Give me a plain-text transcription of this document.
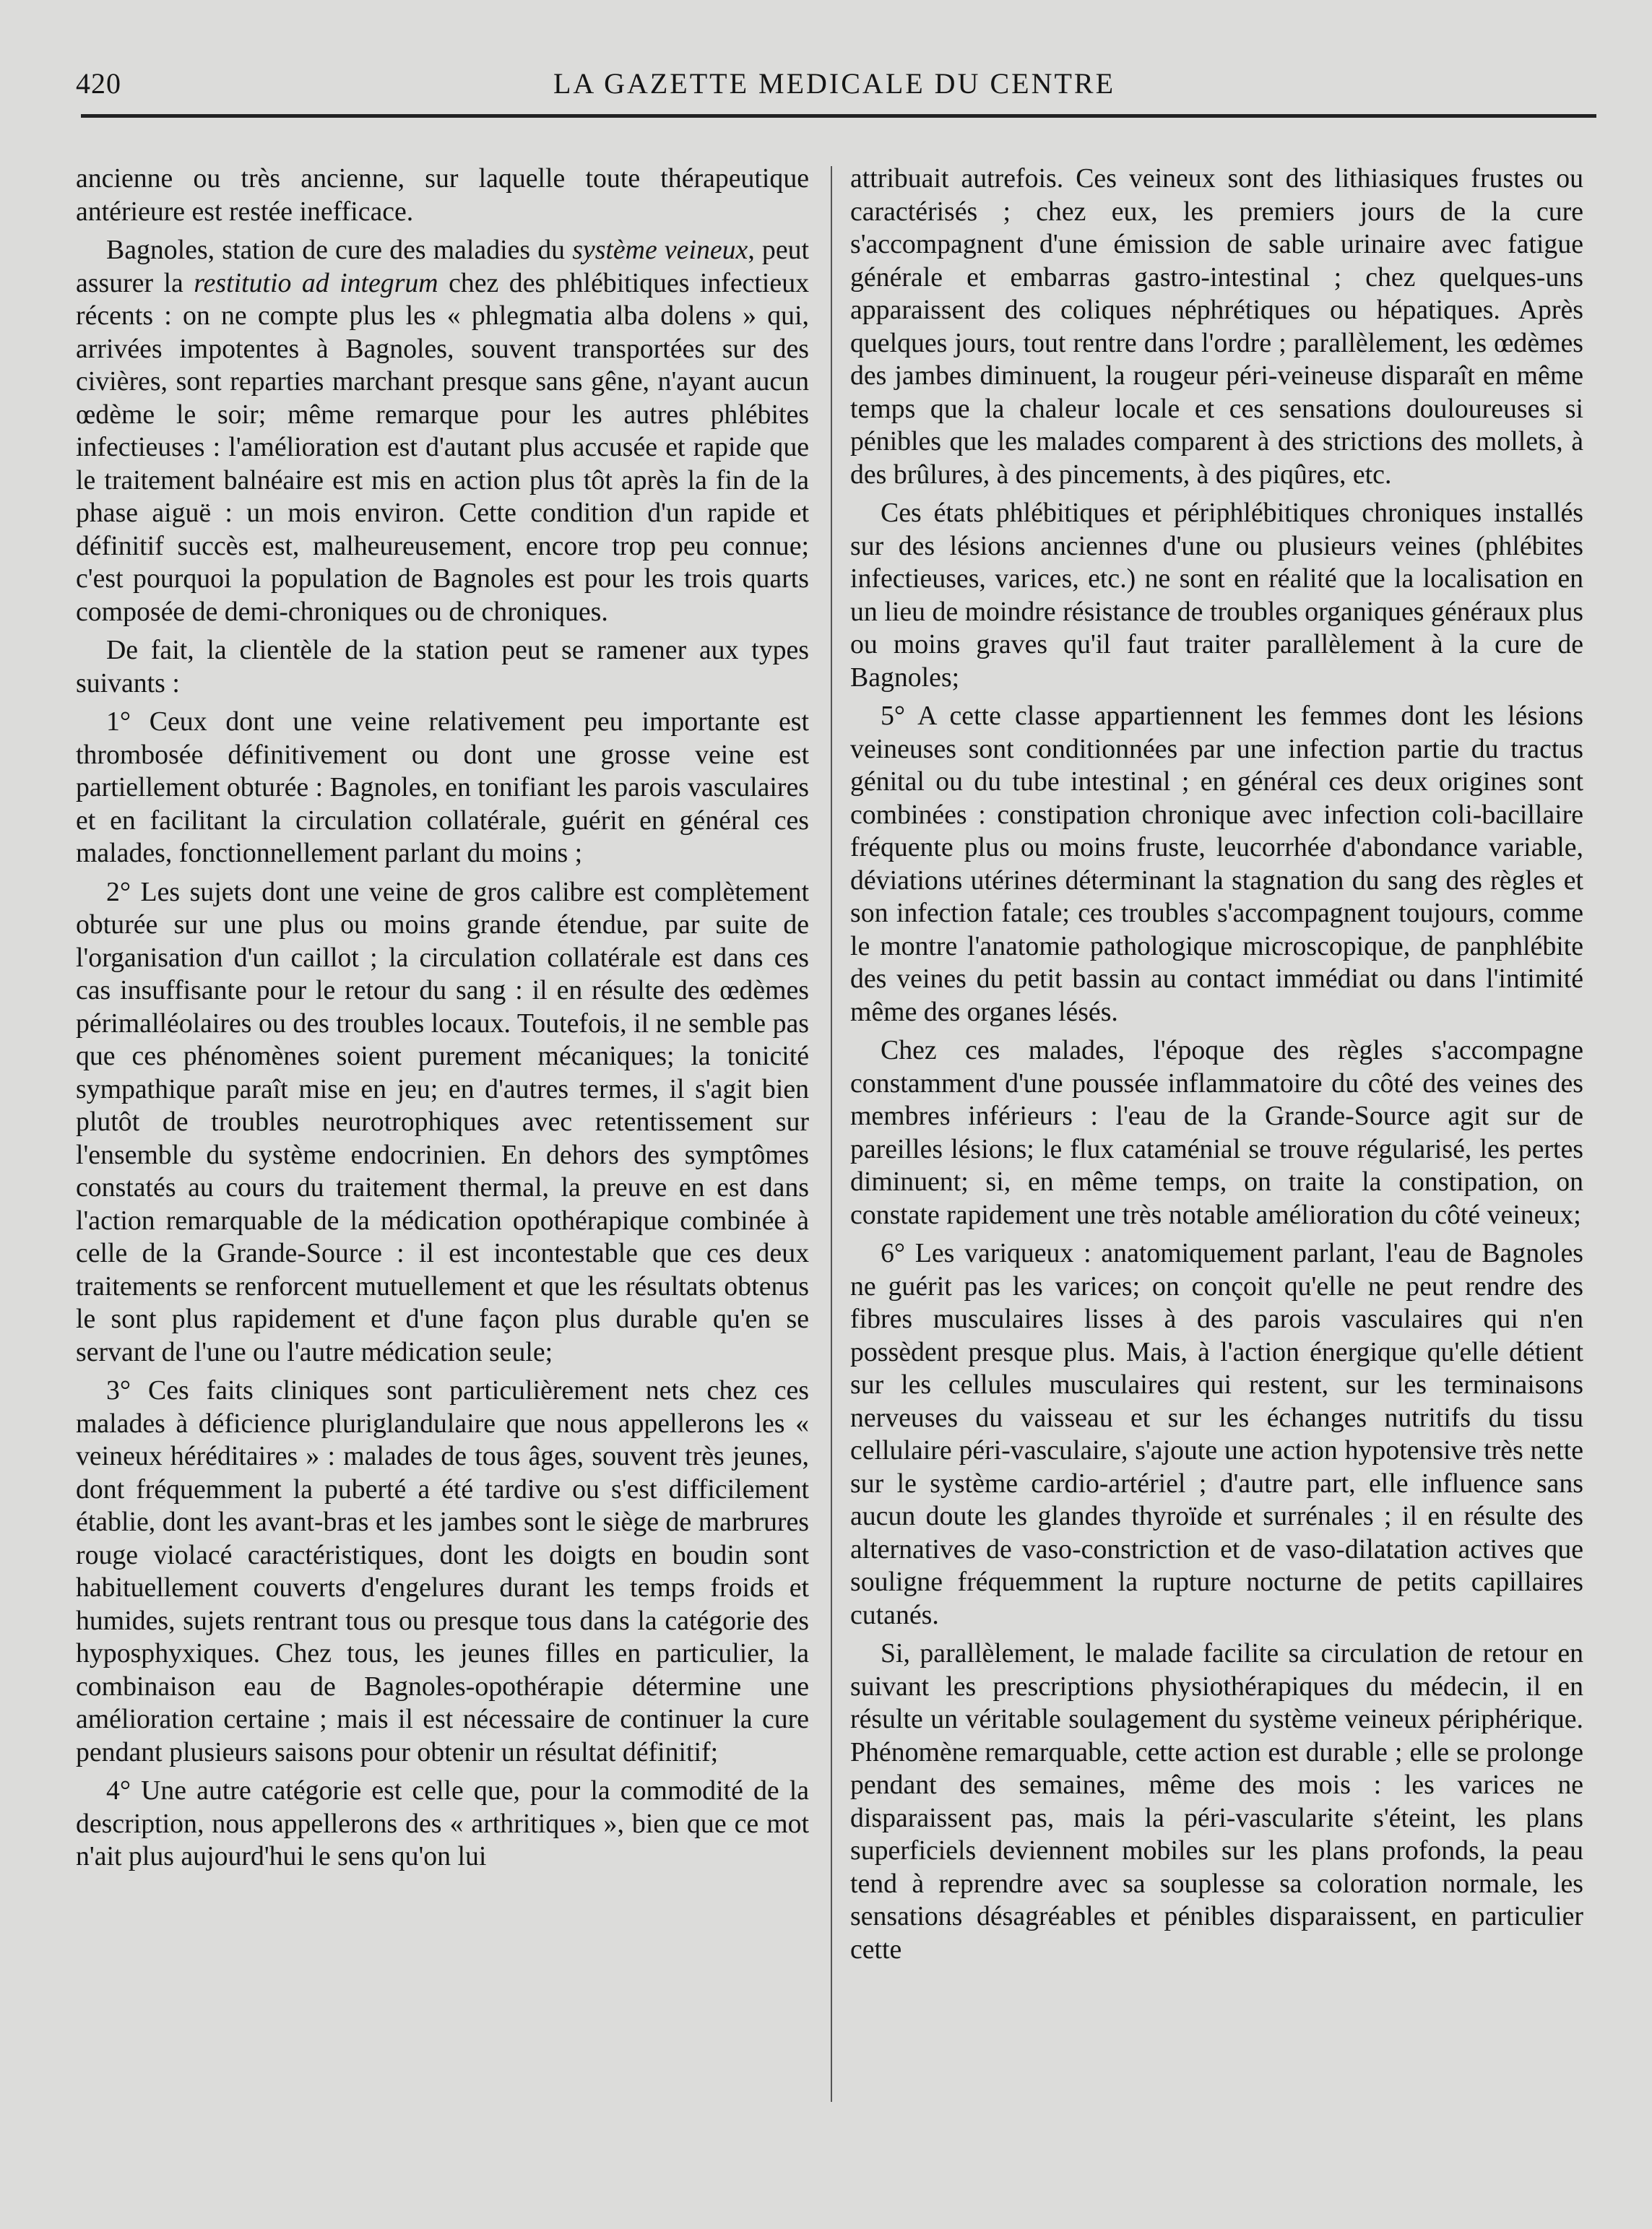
420	LA GAZETTE MEDICALE DU CENTRE

ancienne ou très ancienne, sur laquelle toute thérapeutique antérieure est restée inefficace.

Bagnoles, station de cure des maladies du système veineux, peut assurer la restitutio ad integrum chez des phlébitiques infectieux récents : on ne compte plus les « phlegmatia alba dolens » qui, arrivées impotentes à Bagnoles, souvent transportées sur des civières, sont reparties marchant presque sans gêne, n'ayant aucun œdème le soir; même remarque pour les autres phlébites infectieuses : l'amélioration est d'autant plus accusée et rapide que le traitement balnéaire est mis en action plus tôt après la fin de la phase aiguë : un mois environ. Cette condition d'un rapide et définitif succès est, malheureusement, encore trop peu connue; c'est pourquoi la population de Bagnoles est pour les trois quarts composée de demi-chroniques ou de chroniques.

De fait, la clientèle de la station peut se ramener aux types suivants :

1° Ceux dont une veine relativement peu importante est thrombosée définitivement ou dont une grosse veine est partiellement obturée : Bagnoles, en tonifiant les parois vasculaires et en facilitant la circulation collatérale, guérit en général ces malades, fonctionnellement parlant du moins ;

2° Les sujets dont une veine de gros calibre est complètement obturée sur une plus ou moins grande étendue, par suite de l'organisation d'un caillot ; la circulation collatérale est dans ces cas insuffisante pour le retour du sang : il en résulte des œdèmes périmalléolaires ou des troubles locaux. Toutefois, il ne semble pas que ces phénomènes soient purement mécaniques; la tonicité sympathique paraît mise en jeu; en d'autres termes, il s'agit bien plutôt de troubles neurotrophiques avec retentissement sur l'ensemble du système endocrinien. En dehors des symptômes constatés au cours du traitement thermal, la preuve en est dans l'action remarquable de la médication opothérapique combinée à celle de la Grande-Source : il est incontestable que ces deux traitements se renforcent mutuellement et que les résultats obtenus le sont plus rapidement et d'une façon plus durable qu'en se servant de l'une ou l'autre médication seule;

3° Ces faits cliniques sont particulièrement nets chez ces malades à déficience pluriglandulaire que nous appellerons les « veineux héréditaires » : malades de tous âges, souvent très jeunes, dont fréquemment la puberté a été tardive ou s'est difficilement établie, dont les avant-bras et les jambes sont le siège de marbrures rouge violacé caractéristiques, dont les doigts en boudin sont habituellement couverts d'engelures durant les temps froids et humides, sujets rentrant tous ou presque tous dans la catégorie des hyposphyxiques. Chez tous, les jeunes filles en particulier, la combinaison eau de Bagnoles-opothérapie détermine une amélioration certaine ; mais il est nécessaire de continuer la cure pendant plusieurs saisons pour obtenir un résultat définitif;

4° Une autre catégorie est celle que, pour la commodité de la description, nous appellerons des « arthritiques », bien que ce mot n'ait plus aujourd'hui le sens qu'on lui

attribuait autrefois. Ces veineux sont des lithiasiques frustes ou caractérisés ; chez eux, les premiers jours de la cure s'accompagnent d'une émission de sable urinaire avec fatigue générale et embarras gastro-intestinal ; chez quelques-uns apparaissent des coliques néphrétiques ou hépatiques. Après quelques jours, tout rentre dans l'ordre ; parallèlement, les œdèmes des jambes diminuent, la rougeur péri-veineuse disparaît en même temps que la chaleur locale et ces sensations douloureuses si pénibles que les malades comparent à des strictions des mollets, à des brûlures, à des pincements, à des piqûres, etc.

Ces états phlébitiques et périphlébitiques chroniques installés sur des lésions anciennes d'une ou plusieurs veines (phlébites infectieuses, varices, etc.) ne sont en réalité que la localisation en un lieu de moindre résistance de troubles organiques généraux plus ou moins graves qu'il faut traiter parallèlement à la cure de Bagnoles;

5° A cette classe appartiennent les femmes dont les lésions veineuses sont conditionnées par une infection partie du tractus génital ou du tube intestinal ; en général ces deux origines sont combinées : constipation chronique avec infection coli-bacillaire fréquente plus ou moins fruste, leucorrhée d'abondance variable, déviations utérines déterminant la stagnation du sang des règles et son infection fatale; ces troubles s'accompagnent toujours, comme le montre l'anatomie pathologique microscopique, de panphlébite des veines du petit bassin au contact immédiat ou dans l'intimité même des organes lésés.

Chez ces malades, l'époque des règles s'accompagne constamment d'une poussée inflammatoire du côté des veines des membres inférieurs : l'eau de la Grande-Source agit sur de pareilles lésions; le flux cataménial se trouve régularisé, les pertes diminuent; si, en même temps, on traite la constipation, on constate rapidement une très notable amélioration du côté veineux;

6° Les variqueux : anatomiquement parlant, l'eau de Bagnoles ne guérit pas les varices; on conçoit qu'elle ne peut rendre des fibres musculaires lisses à des parois vasculaires qui n'en possèdent presque plus. Mais, à l'action énergique qu'elle détient sur les cellules musculaires qui restent, sur les terminaisons nerveuses du vaisseau et sur les échanges nutritifs du tissu cellulaire péri-vasculaire, s'ajoute une action hypotensive très nette sur le système cardio-artériel ; d'autre part, elle influence sans aucun doute les glandes thyroïde et surrénales ; il en résulte des alternatives de vaso-constriction et de vaso-dilatation actives que souligne fréquemment la rupture nocturne de petits capillaires cutanés.

Si, parallèlement, le malade facilite sa circulation de retour en suivant les prescriptions physiothérapiques du médecin, il en résulte un véritable soulagement du système veineux périphérique. Phénomène remarquable, cette action est durable ; elle se prolonge pendant des semaines, même des mois : les varices ne disparaissent pas, mais la péri-vascularite s'éteint, les plans superficiels deviennent mobiles sur les plans profonds, la peau tend à reprendre avec sa souplesse sa coloration normale, les sensations désagréables et pénibles disparaissent, en particulier cette
